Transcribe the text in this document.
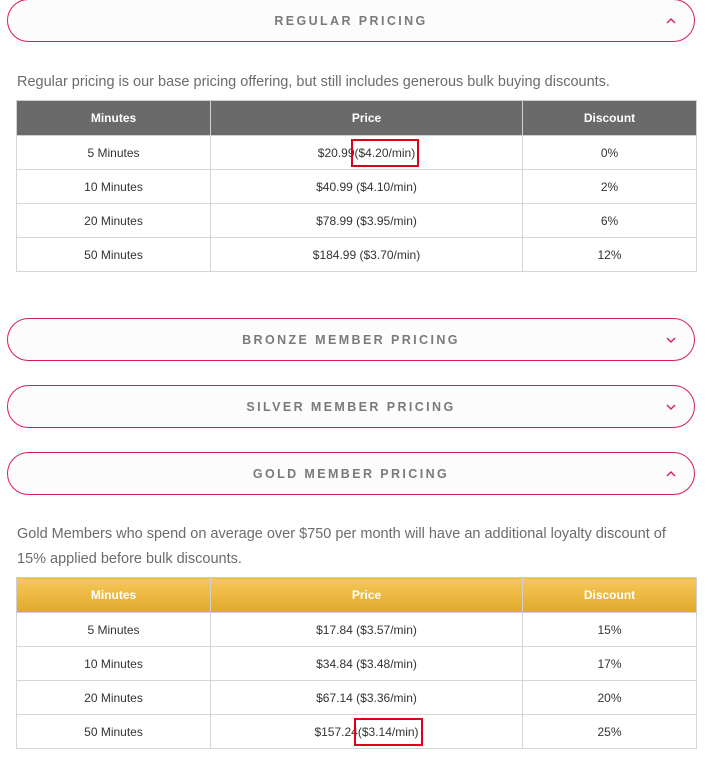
REGULAR PRICING

Regular pricing is our base pricing offering, but still includes generous bulk buying discounts.

Minutes	Price	Discount
5 Minutes	$20.99($4.20/min)	0%
10 Minutes	$40.99 ($4.10/min)	2%
20 Minutes	$78.99 ($3.95/min)	6%
50 Minutes	$184.99 ($3.70/min)	12%
BRONZE MEMBER PRICING
SILVER MEMBER PRICING
GOLD MEMBER PRICING

Gold Members who spend on average over $750 per month will have an additional loyalty discount of 15% applied before bulk discounts.

Minutes	Price	Discount
5 Minutes	$17.84 ($3.57/min)	15%
10 Minutes	$34.84 ($3.48/min)	17%
20 Minutes	$67.14 ($3.36/min)	20%
50 Minutes	$157.24($3.14/min)	25%
